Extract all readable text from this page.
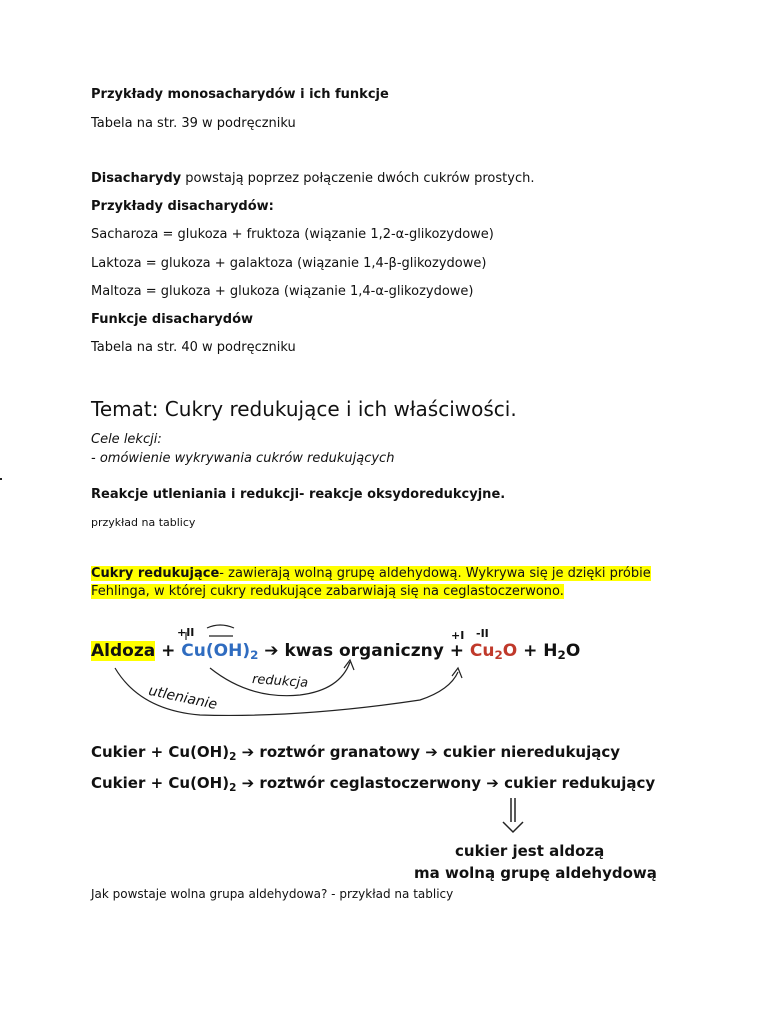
Przykłady monosacharydów i ich funkcje
Tabela na str. 39 w podręczniku
Disacharydy powstają poprzez połączenie dwóch cukrów prostych.
Przykłady disacharydów:
Sacharoza = glukoza + fruktoza (wiązanie 1,2-α-glikozydowe)
Laktoza = glukoza + galaktoza (wiązanie 1,4-β-glikozydowe)
Maltoza = glukoza + glukoza (wiązanie 1,4-α-glikozydowe)
Funkcje disacharydów
Tabela na str. 40 w podręczniku
Temat: Cukry redukujące i ich właściwości.
Cele lekcji:
- omówienie wykrywania cukrów redukujących
Reakcje utleniania i redukcji- reakcje oksydoredukcyjne.
przykład na tablicy
Cukry redukujące- zawierają wolną grupę aldehydową. Wykrywa się je dzięki próbie
Fehlinga, w której cukry redukujące zabarwiają się na ceglastoczerwono.
+II	+I -II
Aldoza + $Cu(OH)_2$ ➔ kwas organiczny + $Cu_2O + H_2O$
redukcja
utlenianie
Cukier + $Cu(OH)_2$ ➔ roztwór granatowy ➔ cukier nieredukujący
Cukier + $Cu(OH)_2$ ➔ roztwór ceglastoczerwony ➔ cukier redukujący
cukier jest aldozą
ma wolną grupę aldehydową
Jak powstaje wolna grupa aldehydowa? - przykład na tablicy
